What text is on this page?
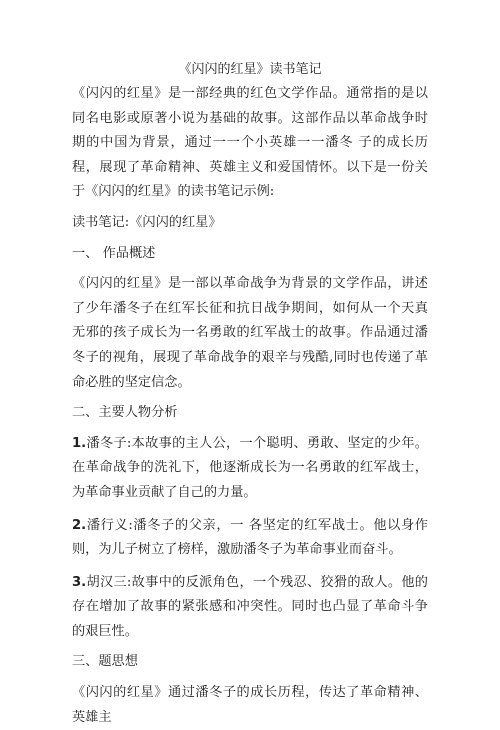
《闪闪的红星》读书笔记

《闪闪的红星》是一部经典的红色文学作品。通常指的是以同名电影或原著小说为基础的故事。这部作品以革命战争时期的中国为背景，通过一一个小英雄一一潘冬 子的成长历程，展现了革命精神、英雄主义和爱国情怀。以下是一份关于《闪闪的红星》的读书笔记示例:

读书笔记:《闪闪的红星》

一、 作品概述

《闪闪的红星》是一部以革命战争为背景的文学作品，讲述了少年潘冬子在红军长征和抗日战争期间，如何从一个天真无邪的孩子成长为一名勇敢的红军战士的故事。作品通过潘冬子的视角，展现了革命战争的艰辛与残酷,同时也传递了革命必胜的坚定信念。

二、主要人物分析

1.潘冬子:本故事的主人公，一个聪明、勇敢、坚定的少年。在革命战争的洗礼下，他逐渐成长为一名勇敢的红军战士，为革命事业贡献了自己的力量。

2.潘行义:潘冬子的父亲，一 各坚定的红军战士。他以身作则，为儿子树立了榜样，激励潘冬子为革命事业而奋斗。

3.胡汉三:故事中的反派角色，一个残忍、狡猾的敌人。他的存在增加了故事的紧张感和冲突性。同时也凸显了革命斗争的艰巨性。

三、题思想

《闪闪的红星》通过潘冬子的成长历程，传达了革命精神、英雄主
